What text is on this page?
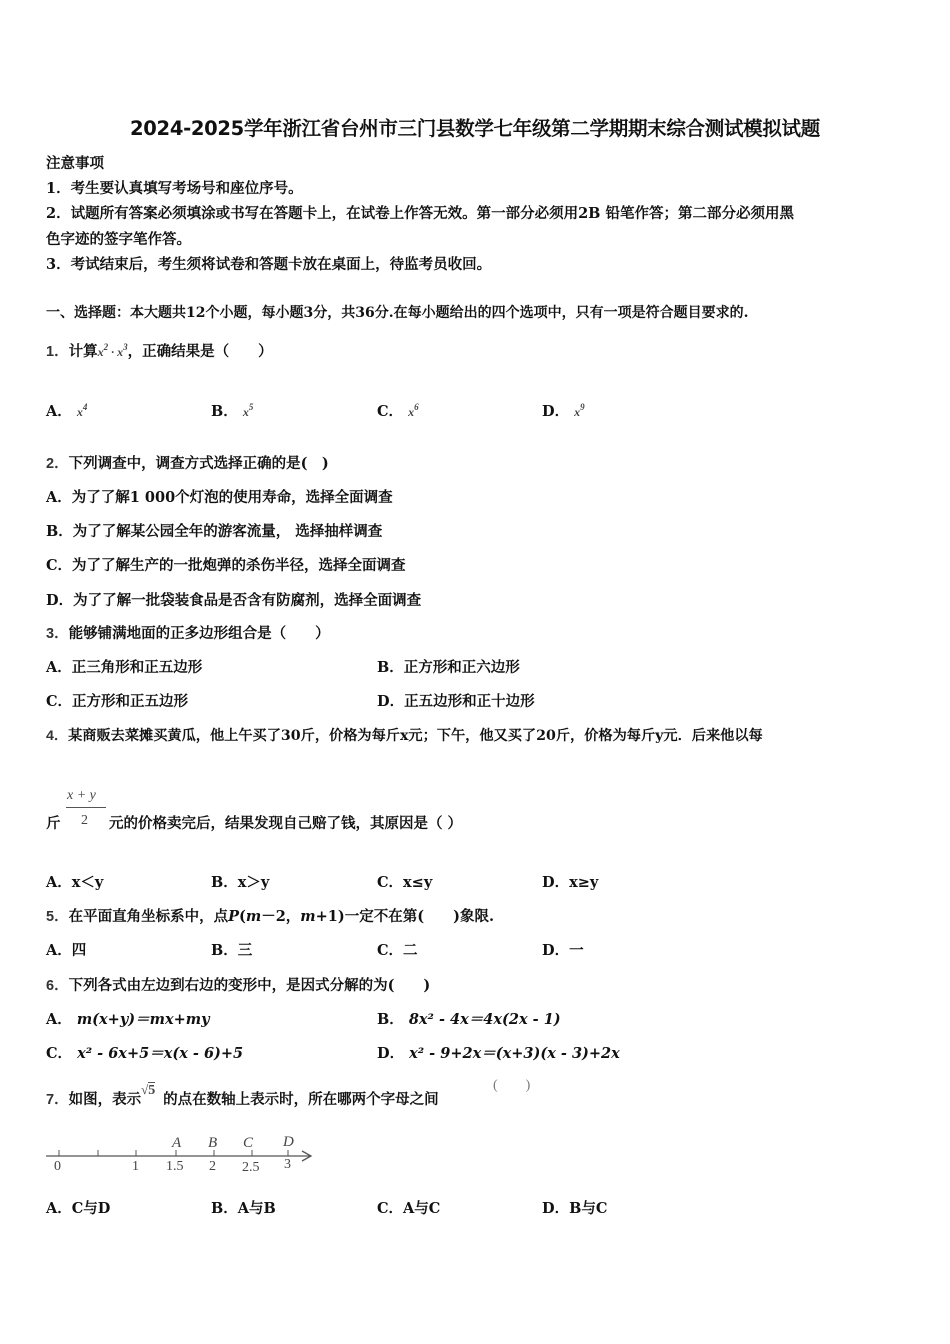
2024-2025学年浙江省台州市三门县数学七年级第二学期期末综合测试模拟试题
注意事项
1．考生要认真填写考场号和座位序号。
2．试题所有答案必须填涂或书写在答题卡上，在试卷上作答无效。第一部分必须用2B 铅笔作答；第二部分必须用黑
色字迹的签字笔作答。
3．考试结束后，考生须将试卷和答题卡放在桌面上，待监考员收回。
一、选择题：本大题共12个小题，每小题3分，共36分.在每小题给出的四个选项中，只有一项是符合题目要求的.
1．计算$x^2 \cdot x^3$，正确结果是（　　）
A． $x^4$	B． $x^5$	C． $x^6$	D． $x^9$
2．下列调查中，调查方式选择正确的是(　)
A．为了了解1 000个灯泡的使用寿命，选择全面调查
B．为了了解某公园全年的游客流量， 选择抽样调查
C．为了了解生产的一批炮弹的杀伤半径，选择全面调查
D．为了了解一批袋装食品是否含有防腐剂，选择全面调查
3．能够铺满地面的正多边形组合是（　　）
A．正三角形和正五边形	B．正方形和正六边形
C．正方形和正五边形	D．正五边形和正十边形
4．某商贩去菜摊买黄瓜，他上午买了30斤，价格为每斤x元；下午，他又买了20斤，价格为每斤y元．后来他以每
斤
x + y
2 元的价格卖完后，结果发现自己赔了钱，其原因是（ ）
A．x＜y	B．x＞y	C．x≤y	D．x≥y
5．在平面直角坐标系中，点P(m－2，m+1)一定不在第(　　)象限.
A．四	B．三	C．二	D．一
6．下列各式由左边到右边的变形中，是因式分解的为(　　)
A． m(x+y)＝mx+my	B． 8x² - 4x＝4x(2x - 1)
C． x² - 6x+5＝x(x - 6)+5	D． x² - 9+2x＝(x+3)(x - 3)+2x
7．如图，表示√5的点在数轴上表示时，所在哪两个字母之间
(　　)
A B C D
0	1 1.5 2 2.5 3
A．C与D	B．A与B	C．A与C	D．B与C
